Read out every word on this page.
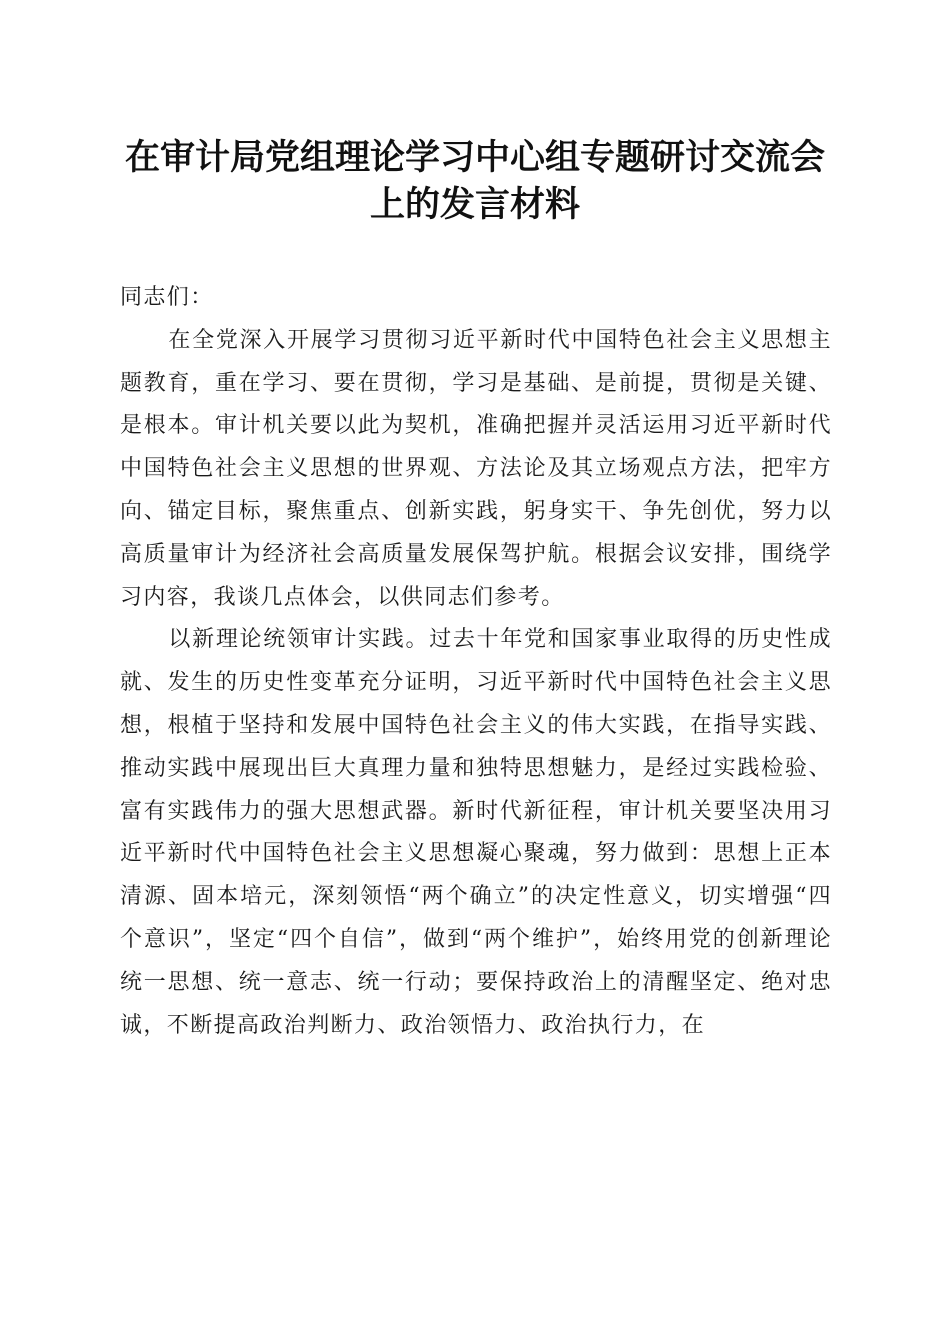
在审计局党组理论学习中心组专题研讨交流会
上的发言材料

同志们：

在全党深入开展学习贯彻习近平新时代中国特色社会主义思想主题教育，重在学习、要在贯彻，学习是基础、是前提，贯彻是关键、是根本。审计机关要以此为契机，准确把握并灵活运用习近平新时代中国特色社会主义思想的世界观、方法论及其立场观点方法，把牢方向、锚定目标，聚焦重点、创新实践，躬身实干、争先创优，努力以高质量审计为经济社会高质量发展保驾护航。根据会议安排，围绕学习内容，我谈几点体会，以供同志们参考。

以新理论统领审计实践。过去十年党和国家事业取得的历史性成就、发生的历史性变革充分证明，习近平新时代中国特色社会主义思想，根植于坚持和发展中国特色社会主义的伟大实践，在指导实践、推动实践中展现出巨大真理力量和独特思想魅力，是经过实践检验、富有实践伟力的强大思想武器。新时代新征程，审计机关要坚决用习近平新时代中国特色社会主义思想凝心聚魂，努力做到：思想上正本清源、固本培元，深刻领悟“两个确立”的决定性意义，切实增强“四个意识”，坚定“四个自信”，做到“两个维护”，始终用党的创新理论统一思想、统一意志、统一行动；要保持政治上的清醒坚定、绝对忠诚，不断提高政治判断力、政治领悟力、政治执行力，在
